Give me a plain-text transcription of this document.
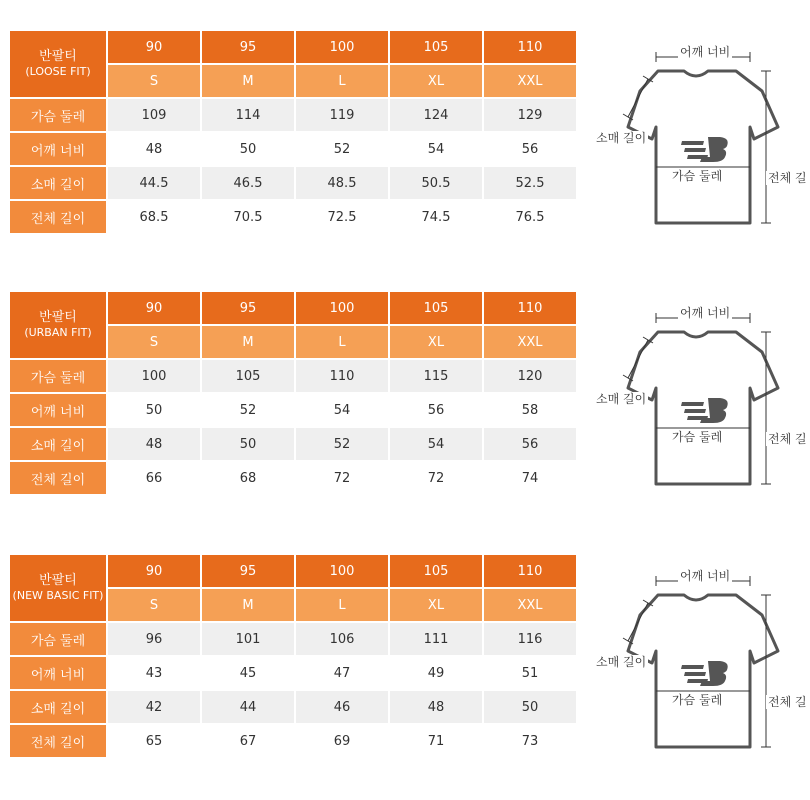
반팔티
(LOOSE FIT)	90	95	100	105	110
	S	M	L	XL	XXL
가슴 둘레	109	114	119	124	129
어깨 너비	48	50	52	54	56
소매 길이	44.5	46.5	48.5	50.5	52.5
전체 길이	68.5	70.5	72.5	74.5	76.5
어깨 너비
소매 길이
가슴 둘레	전체 길
반팔티
(URBAN FIT)	90	95	100	105	110
	S	M	L	XL	XXL
가슴 둘레	100	105	110	115	120
어깨 너비	50	52	54	56	58
소매 길이	48	50	52	54	56
전체 길이	66	68	72	72	74
어깨 너비
소매 길이
가슴 둘레	전체 길
반팔티
(NEW BASIC FIT)	90	95	100	105	110
	S	M	L	XL	XXL
가슴 둘레	96	101	106	111	116
어깨 너비	43	45	47	49	51
소매 길이	42	44	46	48	50
전체 길이	65	67	69	71	73
어깨 너비
소매 길이
가슴 둘레	전체 길
